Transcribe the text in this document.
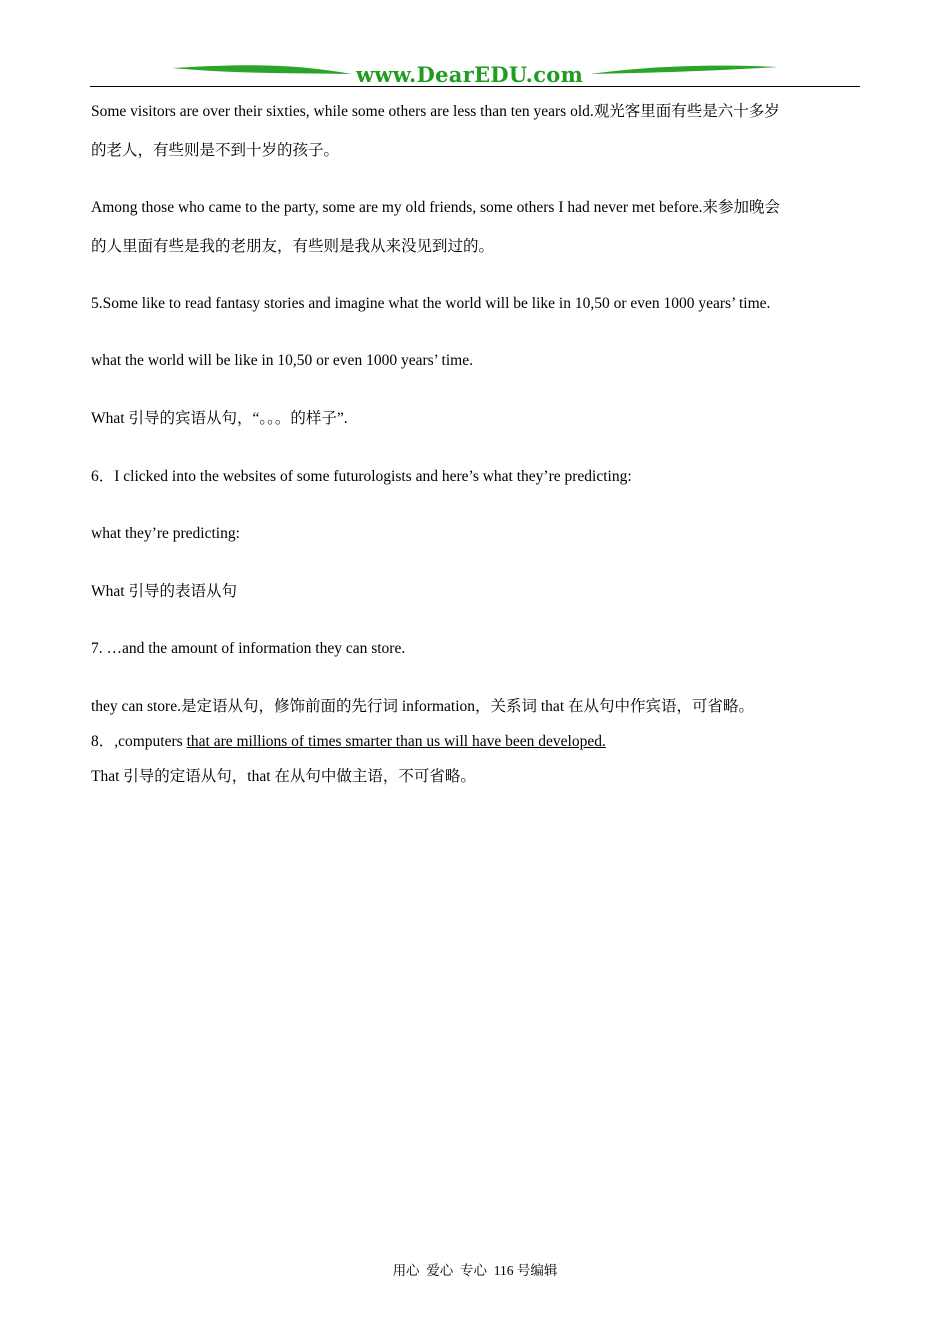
www.DearEDU.com
Some visitors are over their sixties, while some others are less than ten years old.观光客里面有些是六十多岁
的老人，有些则是不到十岁的孩子。
Among those who came to the party, some are my old friends, some others I had never met before.来参加晚会
的人里面有些是我的老朋友，有些则是我从来没见到过的。
5.Some like to read fantasy stories and imagine what the world will be like in 10,50 or even 1000 years’ time.
what the world will be like in 10,50 or even 1000 years’ time.
What 引导的宾语从句，“。。。的样子”.
6．I clicked into the websites of some futurologists and here’s what they’re predicting:
what they’re predicting:
What 引导的表语从句
7. …and the amount of information they can store.
they can store.是定语从句，修饰前面的先行词 information，关系词 that 在从句中作宾语，可省略。
8．,computers that are millions of times smarter than us will have been developed.
That 引导的定语从句，that 在从句中做主语，不可省略。
用心  爱心  专心  116 号编辑
